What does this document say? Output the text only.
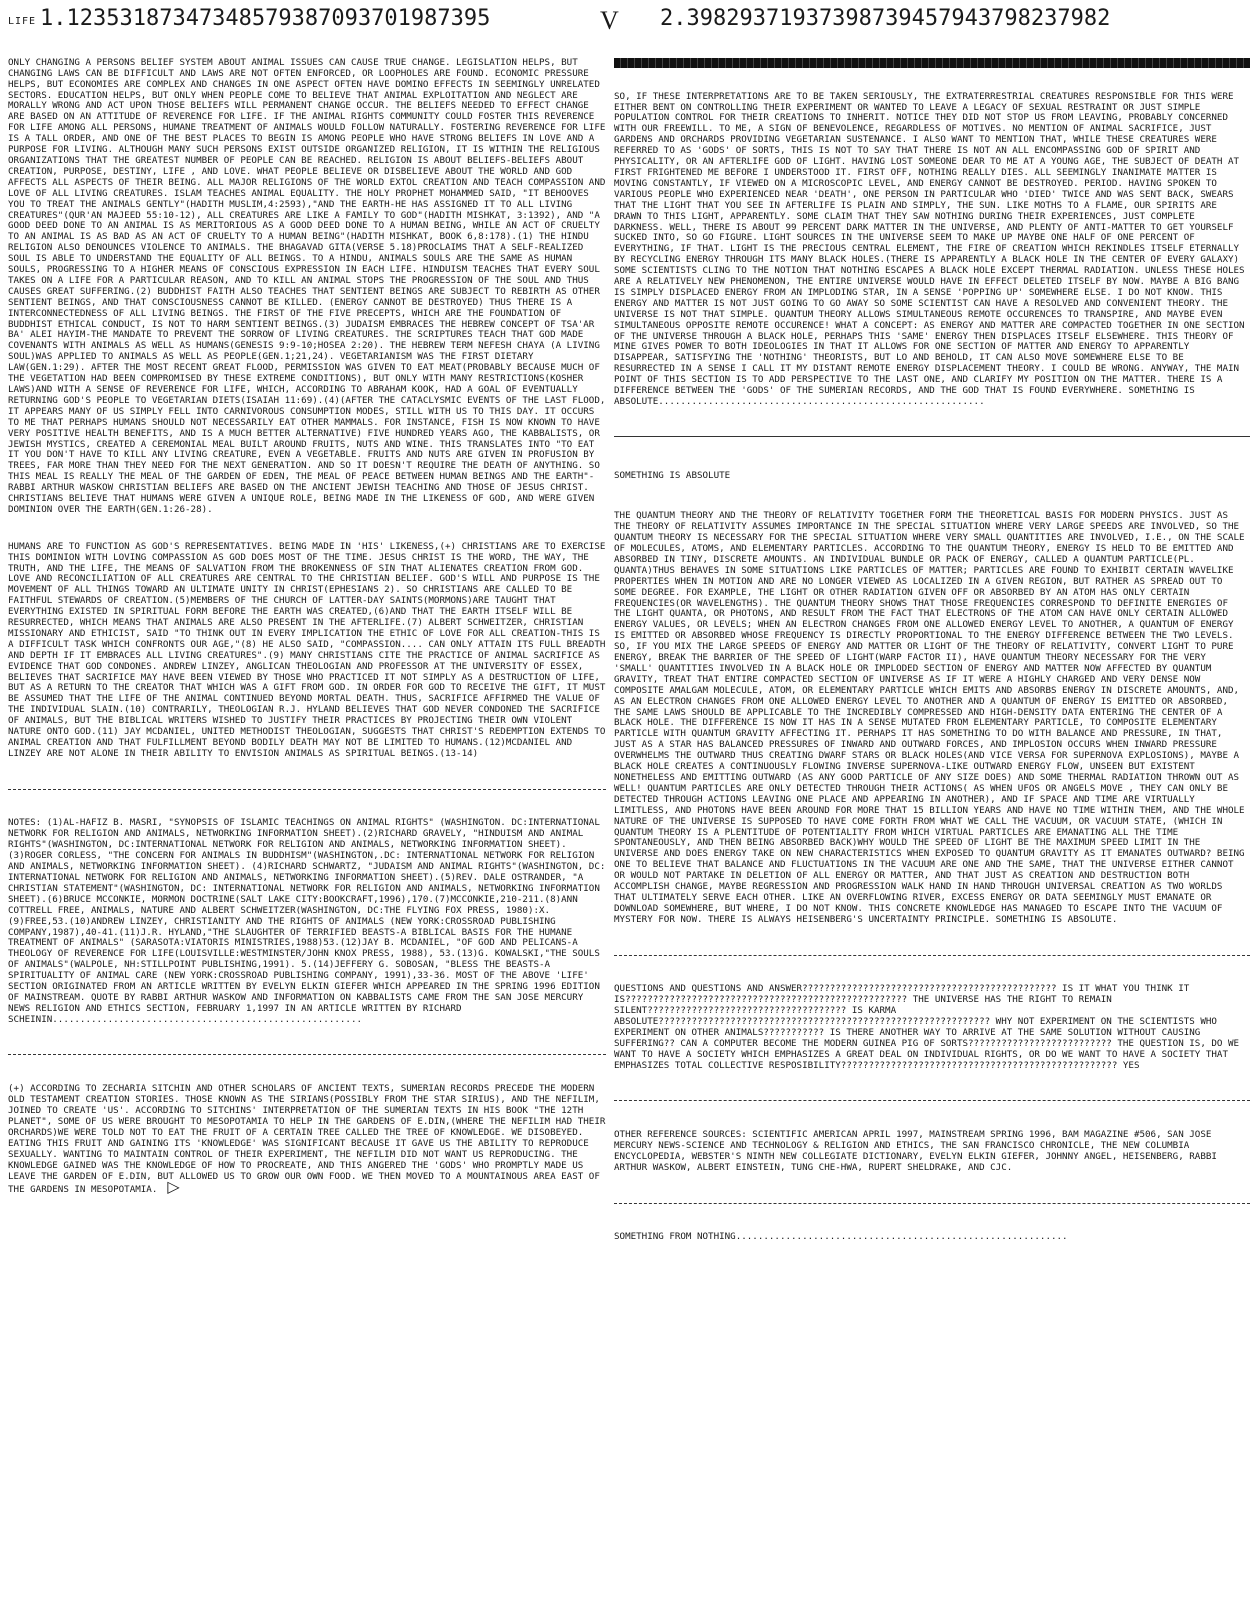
LIFE 1.1235318734734857938709370198739​5	V 2.3982937193739873945794379823798​2

ONLY CHANGING A PERSONS BELIEF SYSTEM ABOUT ANIMAL ISSUES CAN CAUSE TRUE CHANGE. LEGISLATION HELPS, BUT CHANGING LAWS CAN BE DIFFICULT AND LAWS ARE NOT OFTEN ENFORCED, OR LOOPHOLES ARE FOUND. ECONOMIC PRESSURE HELPS, BUT ECONOMIES ARE COMPLEX AND CHANGES IN ONE ASPECT OFTEN HAVE DOMINO EFFECTS IN SEEMINGLY UNRELATED SECTORS. EDUCATION HELPS, BUT ONLY WHEN PEOPLE COME TO BELIEVE THAT ANIMAL EXPLOITATION AND NEGLECT ARE MORALLY WRONG AND ACT UPON THOSE BELIEFS WILL PERMANENT CHANGE OCCUR. THE BELIEFS NEEDED TO EFFECT CHANGE ARE BASED ON AN ATTITUDE OF REVERENCE FOR LIFE. IF THE ANIMAL RIGHTS COMMUNITY COULD FOSTER THIS REVERENCE FOR LIFE AMONG ALL PERSONS, HUMANE TREATMENT OF ANIMALS WOULD FOLLOW NATURALLY. FOSTERING REVERENCE FOR LIFE IS A TALL ORDER, AND ONE OF THE BEST PLACES TO BEGIN IS AMONG PEOPLE WHO HAVE STRONG BELIEFS IN LOVE AND A PURPOSE FOR LIVING. ALTHOUGH MANY SUCH PERSONS EXIST OUTSIDE ORGANIZED RELIGION, IT IS WITHIN THE RELIGIOUS ORGANIZATIONS THAT THE GREATEST NUMBER OF PEOPLE CAN BE REACHED. RELIGION IS ABOUT BELIEFS-BELIEFS ABOUT CREATION, PURPOSE, DESTINY, LIFE , AND LOVE. WHAT PEOPLE BELIEVE OR DISBELIEVE ABOUT THE WORLD AND GOD AFFECTS ALL ASPECTS OF THEIR BEING. ALL MAJOR RELIGIONS OF THE WORLD EXTOL CREATION AND TEACH COMPASSION AND LOVE OF ALL LIVING CREATURES. ISLAM TEACHES ANIMAL EQUALITY. THE HOLY PROPHET MOHAMMED SAID, "IT BEHOOVES YOU TO TREAT THE ANIMALS GENTLY"(HADITH MUSLIM,4:2593),"AND THE EARTH-HE HAS ASSIGNED IT TO ALL LIVING CREATURES"(QUR'AN MAJEED 55:10-12), ALL CREATURES ARE LIKE A FAMILY TO GOD"(HADITH MISHKAT, 3:1392), AND "A GOOD DEED DONE TO AN ANIMAL IS AS MERITORIOUS AS A GOOD DEED DONE TO A HUMAN BEING, WHILE AN ACT OF CRUELTY TO AN ANIMAL IS AS BAD AS AN ACT OF CRUELTY TO A HUMAN BEING"(HADITH MISHKAT, BOOK 6,8:178).(1) THE HINDU RELIGION ALSO DENOUNCES VIOLENCE TO ANIMALS. THE BHAGAVAD GITA(VERSE 5.18)PROCLAIMS THAT A SELF-REALIZED SOUL IS ABLE TO UNDERSTAND THE EQUALITY OF ALL BEINGS. TO A HINDU, ANIMALS SOULS ARE THE SAME AS HUMAN SOULS, PROGRESSING TO A HIGHER MEANS OF CONSCIOUS EXPRESSION IN EACH LIFE. HINDUISM TEACHES THAT EVERY SOUL TAKES ON A LIFE FOR A PARTICULAR REASON, AND TO KILL AN ANIMAL STOPS THE PROGRESSION OF THE SOUL AND THUS CAUSES GREAT SUFFERING.(2) BUDDHIST FAITH ALSO TEACHES THAT SENTIENT BEINGS ARE SUBJECT TO REBIRTH AS OTHER SENTIENT BEINGS, AND THAT CONSCIOUSNESS CANNOT BE KILLED. (ENERGY CANNOT BE DESTROYED) THUS THERE IS A INTERCONNECTEDNESS OF ALL LIVING BEINGS. THE FIRST OF THE FIVE PRECEPTS, WHICH ARE THE FOUNDATION OF BUDDHIST ETHICAL CONDUCT, IS NOT TO HARM SENTIENT BEINGS.(3) JUDAISM EMBRACES THE HEBREW CONCEPT OF TSA'AR BA' ALEI HAYIM-THE MANDATE TO PREVENT THE SORROW OF LIVING CREATURES. THE SCRIPTURES TEACH THAT GOD MADE COVENANTS WITH ANIMALS AS WELL AS HUMANS(GENESIS 9:9-10;HOSEA 2:20). THE HEBREW TERM NEFESH CHAYA (A LIVING SOUL)WAS APPLIED TO ANIMALS AS WELL AS PEOPLE(GEN.1;21,24). VEGETARIANISM WAS THE FIRST DIETARY LAW(GEN.1:29). AFTER THE MOST RECENT GREAT FLOOD, PERMISSION WAS GIVEN TO EAT MEAT(PROBABLY BECAUSE MUCH OF THE VEGETATION HAD BEEN COMPROMISED BY THESE EXTREME CONDITIONS), BUT ONLY WITH MANY RESTRICTIONS(KOSHER LAWS)AND WITH A SENSE OF REVERENCE FOR LIFE, WHICH, ACCORDING TO ABRAHAM KOOK, HAD A GOAL OF EVENTUALLY RETURNING GOD'S PEOPLE TO VEGETARIAN DIETS(ISAIAH 11:69).(4)(AFTER THE CATACLYSMIC EVENTS OF THE LAST FLOOD, IT APPEARS MANY OF US SIMPLY FELL INTO CARNIVOROUS CONSUMPTION MODES, STILL WITH US TO THIS DAY. IT OCCURS TO ME THAT PERHAPS HUMANS SHOULD NOT NECESSARILY EAT OTHER MAMMALS. FOR INSTANCE, FISH IS NOW KNOWN TO HAVE VERY POSITIVE HEALTH BENEFITS, AND IS A MUCH BETTER ALTERNATIVE) FIVE HUNDRED YEARS AGO, THE KABBALISTS, OR JEWISH MYSTICS, CREATED A CEREMONIAL MEAL BUILT AROUND FRUITS, NUTS AND WINE. THIS TRANSLATES INTO "TO EAT IT YOU DON'T HAVE TO KILL ANY LIVING CREATURE, EVEN A VEGETABLE. FRUITS AND NUTS ARE GIVEN IN PROFUSION BY TREES, FAR MORE THAN THEY NEED FOR THE NEXT GENERATION. AND SO IT DOESN'T REQUIRE THE DEATH OF ANYTHING. SO THIS MEAL IS REALLY THE MEAL OF THE GARDEN OF EDEN, THE MEAL OF PEACE BETWEEN HUMAN BEINGS AND THE EARTH"-RABBI ARTHUR WASKOW CHRISTIAN BELIEFS ARE BASED ON THE ANCIENT JEWISH TEACHING AND THOSE OF JESUS CHRIST. CHRISTIANS BELIEVE THAT HUMANS WERE GIVEN A UNIQUE ROLE, BEING MADE IN THE LIKENESS OF GOD, AND WERE GIVEN DOMINION OVER THE EARTH(GEN.1:26-28).

HUMANS ARE TO FUNCTION AS GOD'S REPRESENTATIVES. BEING MADE IN 'HIS' LIKENESS,(+) CHRISTIANS ARE TO EXERCISE THIS DOMINION WITH LOVING COMPASSION AS GOD DOES MOST OF THE TIME. JESUS CHRIST IS THE WORD, THE WAY, THE TRUTH, AND THE LIFE, THE MEANS OF SALVATION FROM THE BROKENNESS OF SIN THAT ALIENATES CREATION FROM GOD. LOVE AND RECONCILIATION OF ALL CREATURES ARE CENTRAL TO THE CHRISTIAN BELIEF. GOD'S WILL AND PURPOSE IS THE MOVEMENT OF ALL THINGS TOWARD AN ULTIMATE UNITY IN CHRIST(EPHESIANS 2). SO CHRISTIANS ARE CALLED TO BE FAITHFUL STEWARDS OF CREATION.(5)MEMBERS OF THE CHURCH OF LATTER-DAY SAINTS(MORMONS)ARE TAUGHT THAT EVERYTHING EXISTED IN SPIRITUAL FORM BEFORE THE EARTH WAS CREATED,(6)AND THAT THE EARTH ITSELF WILL BE RESURRECTED, WHICH MEANS THAT ANIMALS ARE ALSO PRESENT IN THE AFTERLIFE.(7) ALBERT SCHWEITZER, CHRISTIAN MISSIONARY AND ETHICIST, SAID "TO THINK OUT IN EVERY IMPLICATION THE ETHIC OF LOVE FOR ALL CREATION-THIS IS A DIFFICULT TASK WHICH CONFRONTS OUR AGE,"(8) HE ALSO SAID, "COMPASSION.... CAN ONLY ATTAIN ITS FULL BREADTH AND DEPTH IF IT EMBRACES ALL LIVING CREATURES".(9) MANY CHRISTIANS CITE THE PRACTICE OF ANIMAL SACRIFICE AS EVIDENCE THAT GOD CONDONES. ANDREW LINZEY, ANGLICAN THEOLOGIAN AND PROFESSOR AT THE UNIVERSITY OF ESSEX, BELIEVES THAT SACRIFICE MAY HAVE BEEN VIEWED BY THOSE WHO PRACTICED IT NOT SIMPLY AS A DESTRUCTION OF LIFE, BUT AS A RETURN TO THE CREATOR THAT WHICH WAS A GIFT FROM GOD. IN ORDER FOR GOD TO RECEIVE THE GIFT, IT MUST BE ASSUMED THAT THE LIFE OF THE ANIMAL CONTINUED BEYOND MORTAL DEATH. THUS, SACRIFICE AFFIRMED THE VALUE OF THE INDIVIDUAL SLAIN.(10) CONTRARILY, THEOLOGIAN R.J. HYLAND BELIEVES THAT GOD NEVER CONDONED THE SACRIFICE OF ANIMALS, BUT THE BIBLICAL WRITERS WISHED TO JUSTIFY THEIR PRACTICES BY PROJECTING THEIR OWN VIOLENT NATURE ONTO GOD.(11) JAY MCDANIEL, UNITED METHODIST THEOLOGIAN, SUGGESTS THAT CHRIST'S REDEMPTION EXTENDS TO ANIMAL CREATION AND THAT FULFILLMENT BEYOND BODILY DEATH MAY NOT BE LIMITED TO HUMANS.(12)MCDANIEL AND LINZEY ARE NOT ALONE IN THEIR ABILITY TO ENVISION ANIMALS AS SPIRITUAL BEINGS.(13-14)

NOTES: (1)AL-HAFIZ B. MASRI, "SYNOPSIS OF ISLAMIC TEACHINGS ON ANIMAL RIGHTS" (WASHINGTON. DC:INTERNATIONAL NETWORK FOR RELIGION AND ANIMALS, NETWORKING INFORMATION SHEET).(2)RICHARD GRAVELY, "HINDUISM AND ANIMAL RIGHTS"(WASHINGTON, DC:INTERNATIONAL NETWORK FOR RELIGION AND ANIMALS, NETWORKING INFORMATION SHEET). (3)ROGER CORLESS, "THE CONCERN FOR ANIMALS IN BUDDHISM"(WASHINGTON,.DC: INTERNATIONAL NETWORK FOR RELIGION AND ANIMALS, NETWORKING INFORMATION SHEET). (4)RICHARD SCHWARTZ, "JUDAISM AND ANIMAL RIGHTS"(WASHINGTON, DC: INTERNATIONAL NETWORK FOR RELIGION AND ANIMALS, NETWORKING INFORMATION SHEET).(5)REV. DALE OSTRANDER, "A CHRISTIAN STATEMENT"(WASHINGTON, DC: INTERNATIONAL NETWORK FOR RELIGION AND ANIMALS, NETWORKING INFORMATION SHEET).(6)BRUCE MCCONKIE, MORMON DOCTRINE(SALT LAKE CITY:BOOKCRAFT,1996),170.(7)MCCONKIE,210-211.(8)ANN COTTRELL FREE, ANIMALS, NATURE AND ALBERT SCHWEITZER(WASHINGTON, DC:THE FLYING FOX PRESS, 1980):X.(9)FREE,53.(10)ANDREW LINZEY, CHRISTIANITY AND THE RIGHTS OF ANIMALS (NEW YORK:CROSSROAD PUBLISHING COMPANY,1987),40-41.(11)J.R. HYLAND,"THE SLAUGHTER OF TERRIFIED BEASTS-A BIBLICAL BASIS FOR THE HUMANE TREATMENT OF ANIMALS" (SARASOTA:VIATORIS MINISTRIES,1988)53.(12)JAY B. MCDANIEL, "OF GOD AND PELICANS-A THEOLOGY OF REVERENCE FOR LIFE(LOUISVILLE:WESTMINSTER/JOHN KNOX PRESS, 1988), 53.(13)G. KOWALSKI,"THE SOULS OF ANIMALS"(WALPOLE, NH:STILLPOINT PUBLISHING,1991). 5.(14)JEFFERY G. SOBOSAN, "BLESS THE BEASTS-A SPIRITUALITY OF ANIMAL CARE (NEW YORK:CROSSROAD PUBLISHING COMPANY, 1991),33-36. MOST OF THE ABOVE 'LIFE' SECTION ORIGINATED FROM AN ARTICLE WRITTEN BY EVELYN ELKIN GIEFER WHICH APPEARED IN THE SPRING 1996 EDITION OF MAINSTREAM. QUOTE BY RABBI ARTHUR WASKOW AND INFORMATION ON KABBALISTS CAME FROM THE SAN JOSE MERCURY NEWS RELIGION AND ETHICS SECTION, FEBRUARY 1,1997 IN AN ARTICLE WRITTEN BY RICHARD SCHEININ........................................................

(+) ACCORDING TO ZECHARIA SITCHIN AND OTHER SCHOLARS OF ANCIENT TEXTS, SUMERIAN RECORDS PRECEDE THE MODERN OLD TESTAMENT CREATION STORIES. THOSE KNOWN AS THE SIRIANS(POSSIBLY FROM THE STAR SIRIUS), AND THE NEFILIM, JOINED TO CREATE 'US'. ACCORDING TO SITCHINS' INTERPRETATION OF THE SUMERIAN TEXTS IN HIS BOOK "THE 12TH PLANET", SOME OF US WERE BROUGHT TO MESOPOTAMIA TO HELP IN THE GARDENS OF E.DIN,(WHERE THE NEFILIM HAD THEIR ORCHARDS)WE WERE TOLD NOT TO EAT THE FRUIT OF A CERTAIN TREE CALLED THE TREE OF KNOWLEDGE. WE DISOBEYED. EATING THIS FRUIT AND GAINING ITS 'KNOWLEDGE' WAS SIGNIFICANT BECAUSE IT GAVE US THE ABILITY TO REPRODUCE SEXUALLY. WANTING TO MAINTAIN CONTROL OF THEIR EXPERIMENT, THE NEFILIM DID NOT WANT US REPRODUCING. THE KNOWLEDGE GAINED WAS THE KNOWLEDGE OF HOW TO PROCREATE, AND THIS ANGERED THE 'GODS' WHO PROMPTLY MADE US LEAVE THE GARDEN OF E.DIN, BUT ALLOWED US TO GROW OUR OWN FOOD. WE THEN MOVED TO A MOUNTAINOUS AREA EAST OF THE GARDENS IN MESOPOTAMIA. ▷

SO, IF THESE INTERPRETATIONS ARE TO BE TAKEN SERIOUSLY, THE EXTRATERRESTRIAL CREATURES RESPONSIBLE FOR THIS WERE EITHER BENT ON CONTROLLING THEIR EXPERIMENT OR WANTED TO LEAVE A LEGACY OF SEXUAL RESTRAINT OR JUST SIMPLE POPULATION CONTROL FOR THEIR CREATIONS TO INHERIT. NOTICE THEY DID NOT STOP US FROM LEAVING, PROBABLY CONCERNED WITH OUR FREEWILL. TO ME, A SIGN OF BENEVOLENCE, REGARDLESS OF MOTIVES. NO MENTION OF ANIMAL SACRIFICE, JUST GARDENS AND ORCHARDS PROVIDING VEGETARIAN SUSTENANCE. I ALSO WANT TO MENTION THAT, WHILE THESE CREATURES WERE REFERRED TO AS 'GODS' OF SORTS, THIS IS NOT TO SAY THAT THERE IS NOT AN ALL ENCOMPASSING GOD OF SPIRIT AND PHYSICALITY, OR AN AFTERLIFE GOD OF LIGHT. HAVING LOST SOMEONE DEAR TO ME AT A YOUNG AGE, THE SUBJECT OF DEATH AT FIRST FRIGHTENED ME BEFORE I UNDERSTOOD IT. FIRST OFF, NOTHING REALLY DIES. ALL SEEMINGLY INANIMATE MATTER IS MOVING CONSTANTLY, IF VIEWED ON A MICROSCOPIC LEVEL, AND ENERGY CANNOT BE DESTROYED. PERIOD. HAVING SPOKEN TO VARIOUS PEOPLE WHO EXPERIENCED NEAR 'DEATH', ONE PERSON IN PARTICULAR WHO 'DIED' TWICE AND WAS SENT BACK, SWEARS THAT THE LIGHT THAT YOU SEE IN AFTERLIFE IS PLAIN AND SIMPLY, THE SUN. LIKE MOTHS TO A FLAME, OUR SPIRITS ARE DRAWN TO THIS LIGHT, APPARENTLY. SOME CLAIM THAT THEY SAW NOTHING DURING THEIR EXPERIENCES, JUST COMPLETE DARKNESS. WELL, THERE IS ABOUT 99 PERCENT DARK MATTER IN THE UNIVERSE, AND PLENTY OF ANTI-MATTER TO GET YOURSELF SUCKED INTO, SO GO FIGURE. LIGHT SOURCES IN THE UNIVERSE SEEM TO MAKE UP MAYBE ONE HALF OF ONE PERCENT OF EVERYTHING, IF THAT. LIGHT IS THE PRECIOUS CENTRAL ELEMENT, THE FIRE OF CREATION WHICH REKINDLES ITSELF ETERNALLY BY RECYCLING ENERGY THROUGH ITS MANY BLACK HOLES.(THERE IS APPARENTLY A BLACK HOLE IN THE CENTER OF EVERY GALAXY) SOME SCIENTISTS CLING TO THE NOTION THAT NOTHING ESCAPES A BLACK HOLE EXCEPT THERMAL RADIATION. UNLESS THESE HOLES ARE A RELATIVELY NEW PHENOMENON, THE ENTIRE UNIVERSE WOULD HAVE IN EFFECT DELETED ITSELF BY NOW. MAYBE A BIG BANG IS SIMPLY DISPLACED ENERGY FROM AN IMPLODING STAR, IN A SENSE 'POPPING UP' SOMEWHERE ELSE. I DO NOT KNOW. THIS ENERGY AND MATTER IS NOT JUST GOING TO GO AWAY SO SOME SCIENTIST CAN HAVE A RESOLVED AND CONVENIENT THEORY. THE UNIVERSE IS NOT THAT SIMPLE. QUANTUM THEORY ALLOWS SIMULTANEOUS REMOTE OCCURENCES TO TRANSPIRE, AND MAYBE EVEN SIMULTANEOUS OPPOSITE REMOTE OCCURENCE! WHAT A CONCEPT: AS ENERGY AND MATTER ARE COMPACTED TOGETHER IN ONE SECTION OF THE UNIVERSE THROUGH A BLACK HOLE, PERHAPS THIS 'SAME' ENERGY THEN DISPLACES ITSELF ELSEWHERE. THIS THEORY OF MINE GIVES POWER TO BOTH IDEOLOGIES IN THAT IT ALLOWS FOR ONE SECTION OF MATTER AND ENERGY TO APPARENTLY DISAPPEAR, SATISFYING THE 'NOTHING' THEORISTS, BUT LO AND BEHOLD, IT CAN ALSO MOVE SOMEWHERE ELSE TO BE RESURRECTED IN A SENSE I CALL IT MY DISTANT REMOTE ENERGY DISPLACEMENT THEORY. I COULD BE WRONG. ANYWAY, THE MAIN POINT OF THIS SECTION IS TO ADD PERSPECTIVE TO THE LAST ONE, AND CLARIFY MY POSITION ON THE MATTER. THERE IS A DIFFERENCE BETWEEN THE 'GODS' OF THE SUMERIAN RECORDS, AND THE GOD THAT IS FOUND EVERYWHERE. SOMETHING IS ABSOLUTE...........................................................

SOMETHING IS ABSOLUTE

THE QUANTUM THEORY AND THE THEORY OF RELATIVITY TOGETHER FORM THE THEORETICAL BASIS FOR MODERN PHYSICS. JUST AS THE THEORY OF RELATIVITY ASSUMES IMPORTANCE IN THE SPECIAL SITUATION WHERE VERY LARGE SPEEDS ARE INVOLVED, SO THE QUANTUM THEORY IS NECESSARY FOR THE SPECIAL SITUATION WHERE VERY SMALL QUANTITIES ARE INVOLVED, I.E., ON THE SCALE OF MOLECULES, ATOMS, AND ELEMENTARY PARTICLES. ACCORDING TO THE QUANTUM THEORY, ENERGY IS HELD TO BE EMITTED AND ABSORBED IN TINY, DISCRETE AMOUNTS. AN INDIVIDUAL BUNDLE OR PACK OF ENERGY, CALLED A QUANTUM PARTICLE(PL. QUANTA)THUS BEHAVES IN SOME SITUATIONS LIKE PARTICLES OF MATTER; PARTICLES ARE FOUND TO EXHIBIT CERTAIN WAVELIKE PROPERTIES WHEN IN MOTION AND ARE NO LONGER VIEWED AS LOCALIZED IN A GIVEN REGION, BUT RATHER AS SPREAD OUT TO SOME DEGREE. FOR EXAMPLE, THE LIGHT OR OTHER RADIATION GIVEN OFF OR ABSORBED BY AN ATOM HAS ONLY CERTAIN FREQUENCIES(OR WAVELENGTHS). THE QUANTUM THEORY SHOWS THAT THOSE FREQUENCIES CORRESPOND TO DEFINITE ENERGIES OF THE LIGHT QUANTA, OR PHOTONS, AND RESULT FROM THE FACT THAT ELECTRONS OF THE ATOM CAN HAVE ONLY CERTAIN ALLOWED ENERGY VALUES, OR LEVELS; WHEN AN ELECTRON CHANGES FROM ONE ALLOWED ENERGY LEVEL TO ANOTHER, A QUANTUM OF ENERGY IS EMITTED OR ABSORBED WHOSE FREQUENCY IS DIRECTLY PROPORTIONAL TO THE ENERGY DIFFERENCE BETWEEN THE TWO LEVELS. SO, IF YOU MIX THE LARGE SPEEDS OF ENERGY AND MATTER OR LIGHT OF THE THEORY OF RELATIVITY, CONVERT LIGHT TO PURE ENERGY, BREAK THE BARRIER OF THE SPEED OF LIGHT(WARP FACTOR II), HAVE QUANTUM THEORY NECESSARY FOR THE VERY 'SMALL' QUANTITIES INVOLVED IN A BLACK HOLE OR IMPLODED SECTION OF ENERGY AND MATTER NOW AFFECTED BY QUANTUM GRAVITY, TREAT THAT ENTIRE COMPACTED SECTION OF UNIVERSE AS IF IT WERE A HIGHLY CHARGED AND VERY DENSE NOW COMPOSITE AMALGAM MOLECULE, ATOM, OR ELEMENTARY PARTICLE WHICH EMITS AND ABSORBS ENERGY IN DISCRETE AMOUNTS, AND, AS AN ELECTRON CHANGES FROM ONE ALLOWED ENERGY LEVEL TO ANOTHER AND A QUANTUM OF ENERGY IS EMITTED OR ABSORBED, THE SAME LAWS SHOULD BE APPLICABLE TO THE INCREDIBLY COMPRESSED AND HIGH-DENSITY DATA ENTERING THE CENTER OF A BLACK HOLE. THE DIFFERENCE IS NOW IT HAS IN A SENSE MUTATED FROM ELEMENTARY PARTICLE, TO COMPOSITE ELEMENTARY PARTICLE WITH QUANTUM GRAVITY AFFECTING IT. PERHAPS IT HAS SOMETHING TO DO WITH BALANCE AND PRESSURE, IN THAT, JUST AS A STAR HAS BALANCED PRESSURES OF INWARD AND OUTWARD FORCES, AND IMPLOSION OCCURS WHEN INWARD PRESSURE OVERWHELMS THE OUTWARD THUS CREATING DWARF STARS OR BLACK HOLES(AND VICE VERSA FOR SUPERNOVA EXPLOSIONS), MAYBE A BLACK HOLE CREATES A CONTINUOUSLY FLOWING INVERSE SUPERNOVA-LIKE OUTWARD ENERGY FLOW, UNSEEN BUT EXISTENT NONETHELESS AND EMITTING OUTWARD (AS ANY GOOD PARTICLE OF ANY SIZE DOES) AND SOME THERMAL RADIATION THROWN OUT AS WELL! QUANTUM PARTICLES ARE ONLY DETECTED THROUGH THEIR ACTIONS( AS WHEN UFOS OR ANGELS MOVE , THEY CAN ONLY BE DETECTED THROUGH ACTIONS LEAVING ONE PLACE AND APPEARING IN ANOTHER), AND IF SPACE AND TIME ARE VIRTUALLY LIMITLESS, AND PHOTONS HAVE BEEN AROUND FOR MORE THAT 15 BILLION YEARS AND HAVE NO TIME WITHIN THEM, AND THE WHOLE NATURE OF THE UNIVERSE IS SUPPOSED TO HAVE COME FORTH FROM WHAT WE CALL THE VACUUM, OR VACUUM STATE, (WHICH IN QUANTUM THEORY IS A PLENTITUDE OF POTENTIALITY FROM WHICH VIRTUAL PARTICLES ARE EMANATING ALL THE TIME SPONTANEOUSLY, AND THEN BEING ABSORBED BACK)WHY WOULD THE SPEED OF LIGHT BE THE MAXIMUM SPEED LIMIT IN THE UNIVERSE AND DOES ENERGY TAKE ON NEW CHARACTERISTICS WHEN EXPOSED TO QUANTUM GRAVITY AS IT EMANATES OUTWARD? BEING ONE TO BELIEVE THAT BALANCE AND FLUCTUATIONS IN THE VACUUM ARE ONE AND THE SAME, THAT THE UNIVERSE EITHER CANNOT OR WOULD NOT PARTAKE IN DELETION OF ALL ENERGY OR MATTER, AND THAT JUST AS CREATION AND DESTRUCTION BOTH ACCOMPLISH CHANGE, MAYBE REGRESSION AND PROGRESSION WALK HAND IN HAND THROUGH UNIVERSAL CREATION AS TWO WORLDS THAT ULTIMATELY SERVE EACH OTHER. LIKE AN OVERFLOWING RIVER, EXCESS ENERGY OR DATA SEEMINGLY MUST EMANATE OR DOWNLOAD SOMEWHERE, BUT WHERE, I DO NOT KNOW. THIS CONCRETE KNOWLEDGE HAS MANAGED TO ESCAPE INTO THE VACUUM OF MYSTERY FOR NOW. THERE IS ALWAYS HEISENBERG'S UNCERTAINTY PRINCIPLE. SOMETHING IS ABSOLUTE.

QUESTIONS AND QUESTIONS AND ANSWER?????????????????????????????????????????????? IS IT WHAT YOU THINK IT IS??????????????????????????????????????????????????? THE UNIVERSE HAS THE RIGHT TO REMAIN SILENT???????????????????????????????????? IS KARMA ABSOLUTE???????????????????????????????????????????????????????????? WHY NOT EXPERIMENT ON THE SCIENTISTS WHO EXPERIMENT ON OTHER ANIMALS??????????? IS THERE ANOTHER WAY TO ARRIVE AT THE SAME SOLUTION WITHOUT CAUSING SUFFERING?? CAN A COMPUTER BECOME THE MODERN GUINEA PIG OF SORTS?????????????????????????? THE QUESTION IS, DO WE WANT TO HAVE A SOCIETY WHICH EMPHASIZES A GREAT DEAL ON INDIVIDUAL RIGHTS, OR DO WE WANT TO HAVE A SOCIETY THAT EMPHASIZES TOTAL COLLECTIVE RESPOSIBILITY?????????????????????????????????????????????????? YES

OTHER REFERENCE SOURCES: SCIENTIFIC AMERICAN APRIL 1997, MAINSTREAM SPRING 1996, BAM MAGAZINE #506, SAN JOSE MERCURY NEWS-SCIENCE AND TECHNOLOGY & RELIGION AND ETHICS, THE SAN FRANCISCO CHRONICLE, THE NEW COLUMBIA ENCYCLOPEDIA, WEBSTER'S NINTH NEW COLLEGIATE DICTIONARY, EVELYN ELKIN GIEFER, JOHNNY ANGEL, HEISENBERG, RABBI ARTHUR WASKOW, ALBERT EINSTEIN, TUNG CHE-HWA, RUPERT SHELDRAKE, AND CJC.

SOMETHING FROM NOTHING............................................................
